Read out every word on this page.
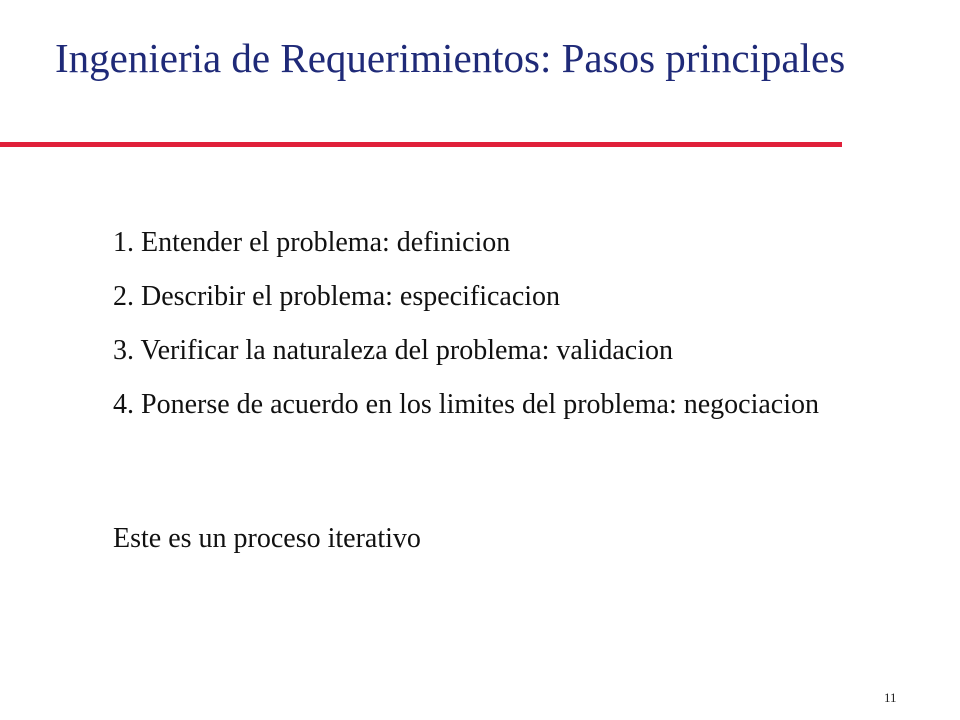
Ingenieria de Requerimientos: Pasos principales
1. Entender el problema: definicion
2. Describir el problema: especificacion
3. Verificar la naturaleza del problema: validacion
4. Ponerse de acuerdo en los limites del problema: negociacion

Este es un proceso iterativo

11
